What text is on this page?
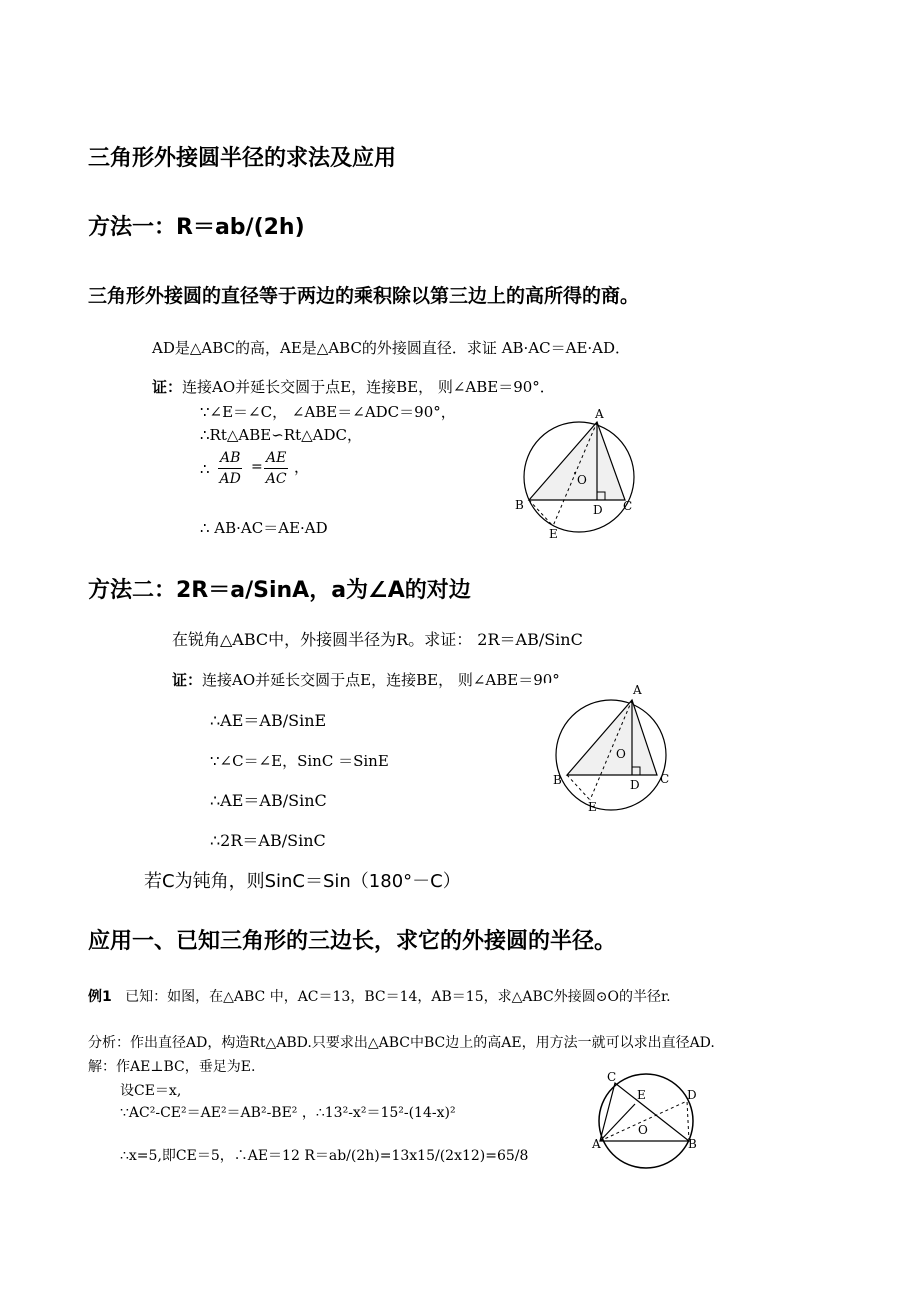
三角形外接圆半径的求法及应用
方法一：R＝ab/(2h)
三角形外接圆的直径等于两边的乘积除以第三边上的高所得的商。
AD是△ABC的高，AE是△ABC的外接圆直径．求证 AB·AC＝AE·AD．
证：连接AO并延长交圆于点E，连接BE， 则∠ABE＝90°．
∵∠E＝∠C， ∠ABE＝∠ADC＝90°，
∴Rt△ABE∽Rt△ADC，
∴ $\frac{AB}{AD} = \frac{AE}{AC}$ ，
∴ AB·AC＝AE·AD
A
B	C
D
E
O
方法二：2R＝a/SinA，a为∠A的对边
在锐角△ABC中，外接圆半径为R。求证： 2R＝AB/SinC
证：连接AO并延长交圆于点E，连接BE， 则∠ABE＝90°
∴AE＝AB/SinE
∵∠C＝∠E，SinC ＝SinE
∴AE＝AB/SinC
∴2R＝AB/SinC
若C为钝角，则SinC＝Sin（180°－C）
A
B	C
D
E
O
应用一、已知三角形的三边长，求它的外接圆的半径。
例1 已知：如图，在△ABC 中，AC＝13，BC＝14，AB＝15，求△ABC外接圆⊙O的半径r.
分析：作出直径AD，构造Rt△ABD.只要求出△ABC中BC边上的高AE，用方法一就可以求出直径AD.
解：作AE⊥BC，垂足为E.
设CE＝x,
∵AC²-CE²＝AE²＝AB²-BE² ，∴13²-x²＝15²-(14-x)²
∴x=5,即CE＝5，∴AE＝12 R＝ab/(2h)=13x15/(2x12)=65/8
C
E	D
A	B
O
